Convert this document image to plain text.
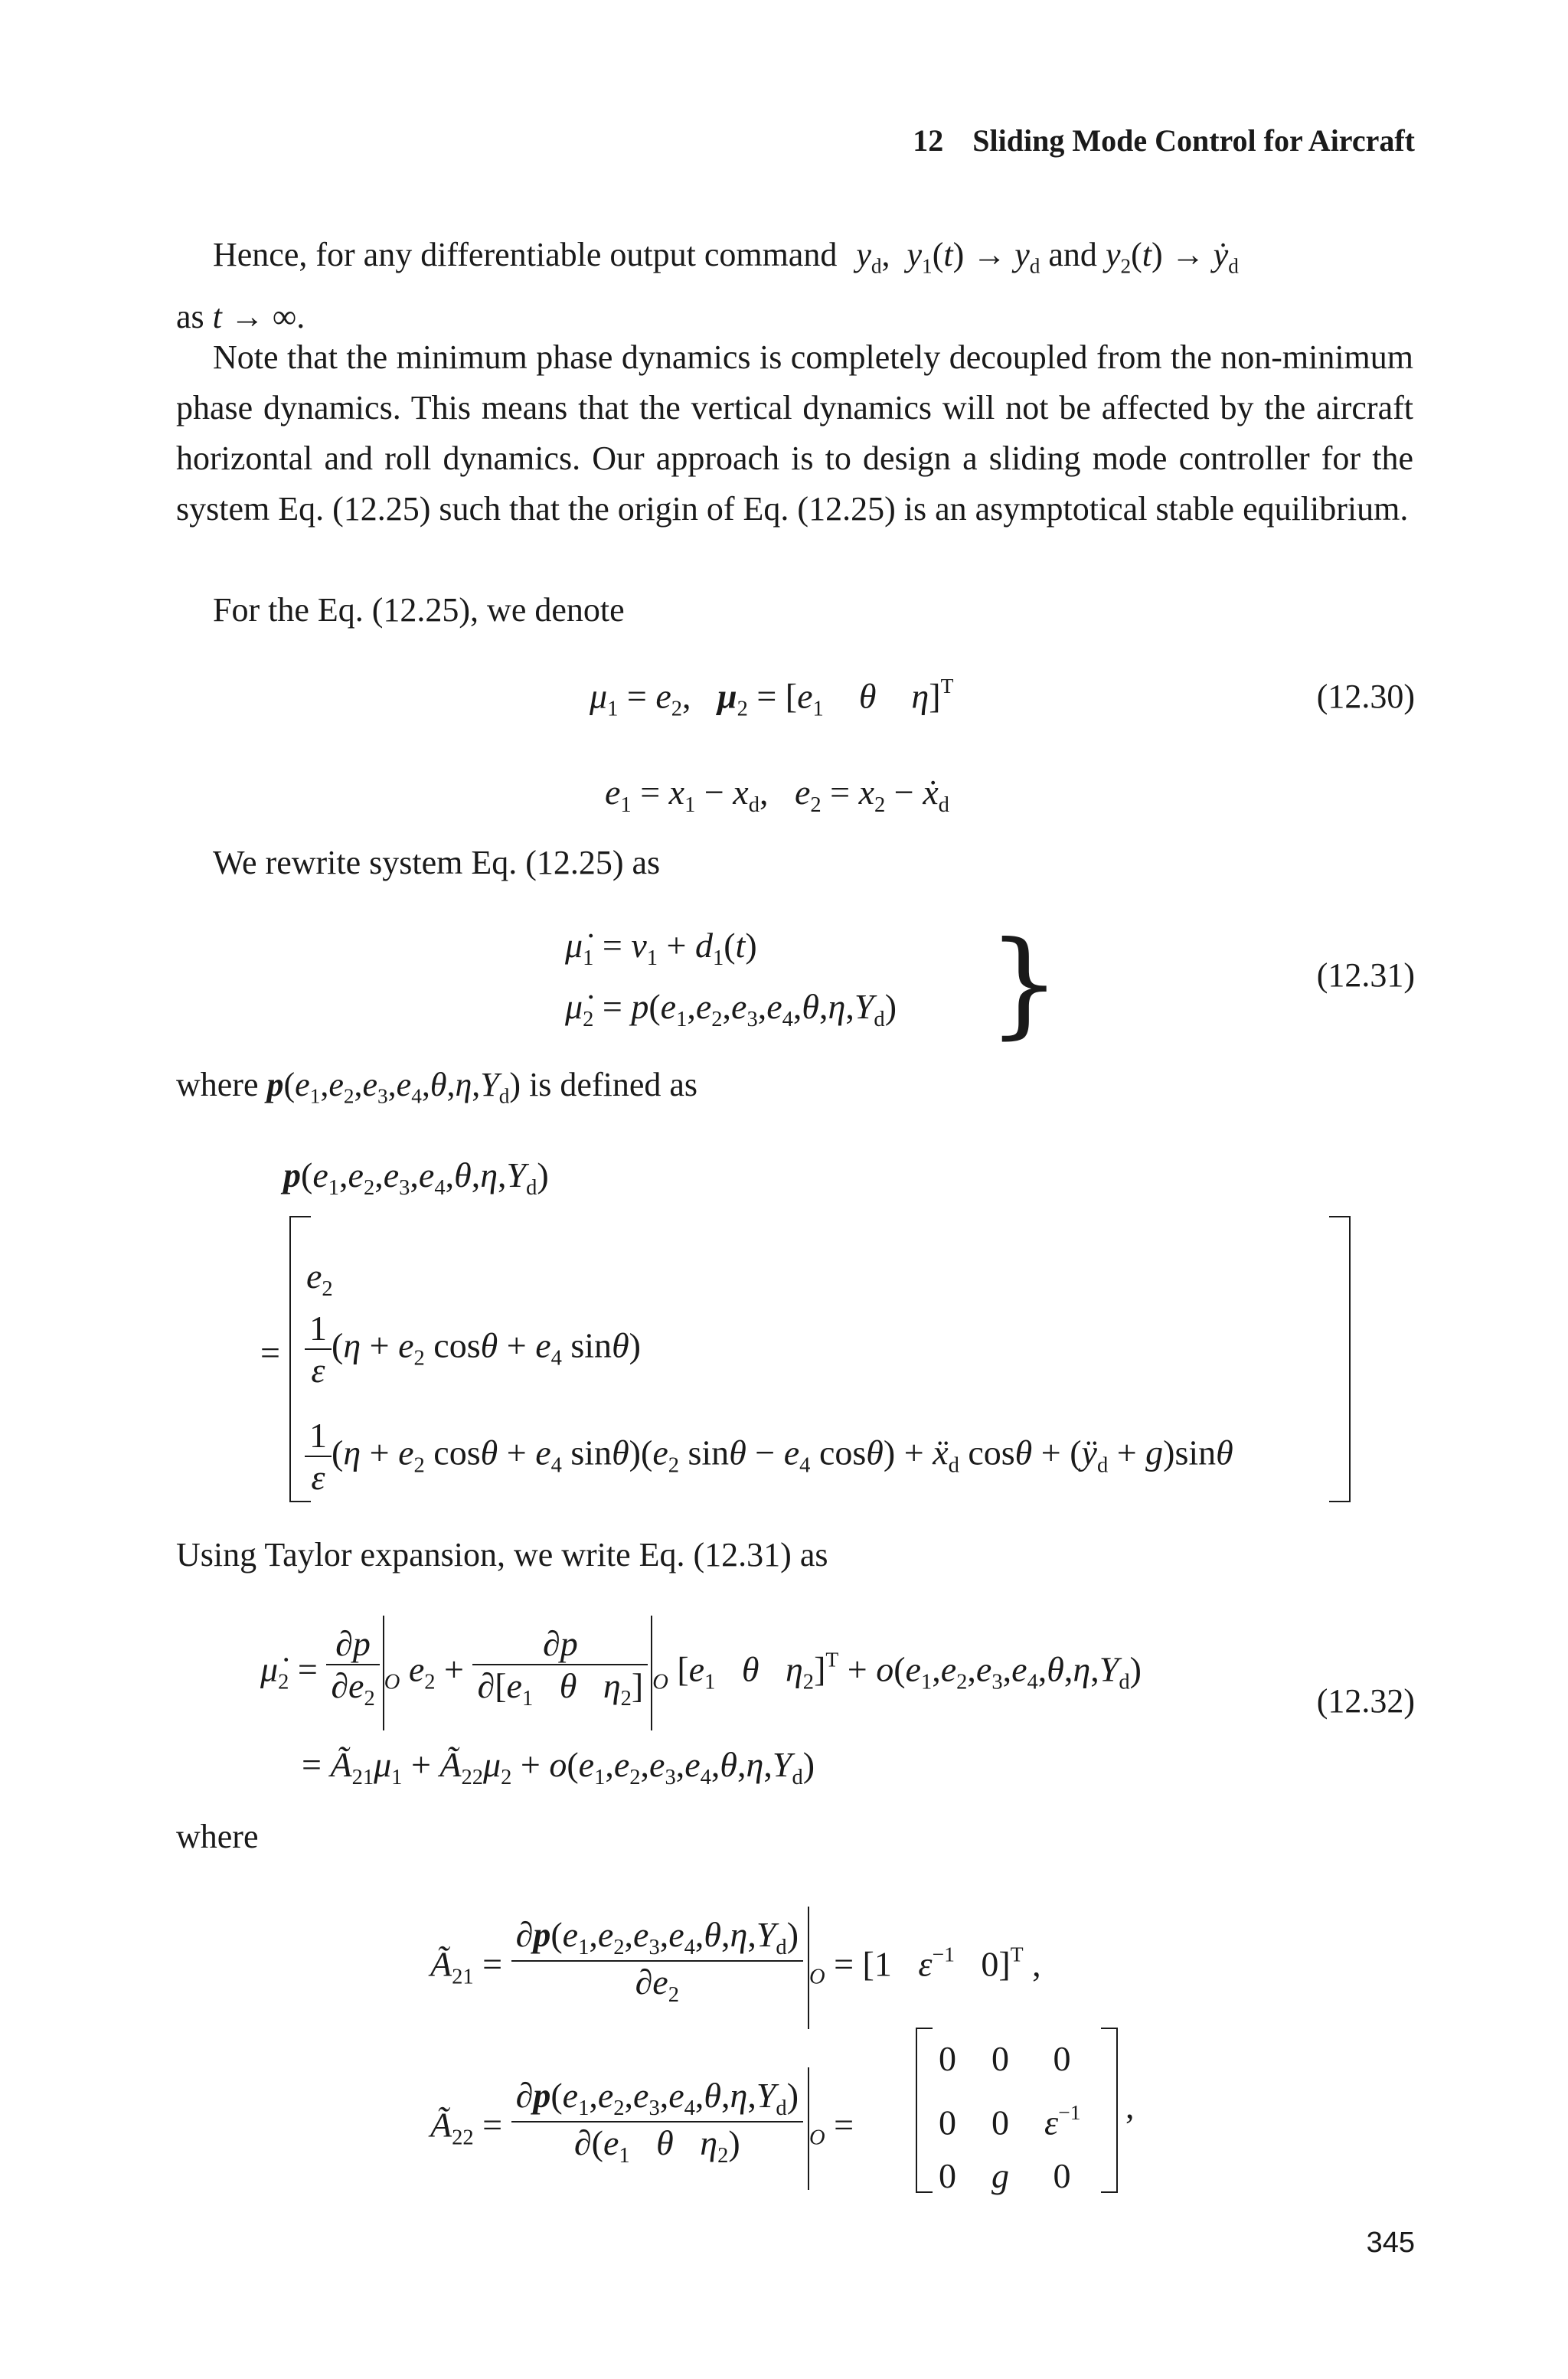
12 Sliding Mode Control for Aircraft

Hence, for any differentiable output command $y_d$,  $y_1(t) \to y_d$ and $y_2(t)$ → ẏ$_d$

as t → ∞.

Note that the minimum phase dynamics is completely decoupled from the non-minimum phase dynamics. This means that the vertical dynamics will not be affected by the aircraft horizontal and roll dynamics. Our approach is to design a sliding mode controller for the system Eq. (12.25) such that the origin of Eq. (12.25) is an asymptotical stable equilibrium.

For the Eq. (12.25), we denote

$\mu_1 = e_2$,   $\mu_2 = [e_1$ θ η]$^T$	(12.30)
$e_1 = x_1 - x_d$,   $e_2 = x_2$ − ẋ$_d$

We rewrite system Eq. (12.25) as

$\mu̇_1 = v_1 + d_1(t)$
$\mu̇_2 = p(e_1,e_2,e_3,e_4,\theta,\eta,Y_d)$ }	(12.31)

where $p(e_1,e_2,e_3,e_4,\theta,\eta,Y_d)$ is defined as

$p(e_1,e_2,e_3,e_4,\theta,\eta,Y_d)$
=
$e_2$
$\frac{1}{\varepsilon} (\eta + e_2$ $\cos\theta + e_4$ sinθ)
$\frac{1}{\varepsilon} (\eta + e_2$ $\cos\theta + e_4$ $\sin\theta)(e_2$ $\sin\theta - e_4$ cosθ) + ẍ$_d$ $\cos\theta + (ÿ_d + g)\sin\theta$

Using Taylor expansion, we write Eq. (12.31) as

$\mu̇_2 = \frac{\partial p}{\partial e_2} _O$ $e_2 + \frac{\partial p}{\partial[e_1 \theta \eta_2]} _O$ [$e_1$ θ $\eta_2]^T + o(e_1,e_2,e_3,e_4,\theta,\eta,Y_d)$
(12.32)
= $Ã_{21}\mu_1$ + $Ã_{22}\mu_2 + o(e_1,e_2,e_3,e_4,\theta,\eta,Y_d)$

where

$Ã_{21} = \frac{\partial p(e_1,e_2,e_3,e_4,\theta,\eta,Y_d)}{\partial e_2} _O = [1$   $\varepsilon^{-1}$   0]$^T$ ,
$Ã_{22} = \frac{\partial p(e_1,e_2,e_3,e_4,\theta,\eta,Y_d)}{\partial(e_1 \theta \eta_2)} _O$ =
0    0     0
0    0    $\varepsilon^{-1}$
0    g     0
,
345
